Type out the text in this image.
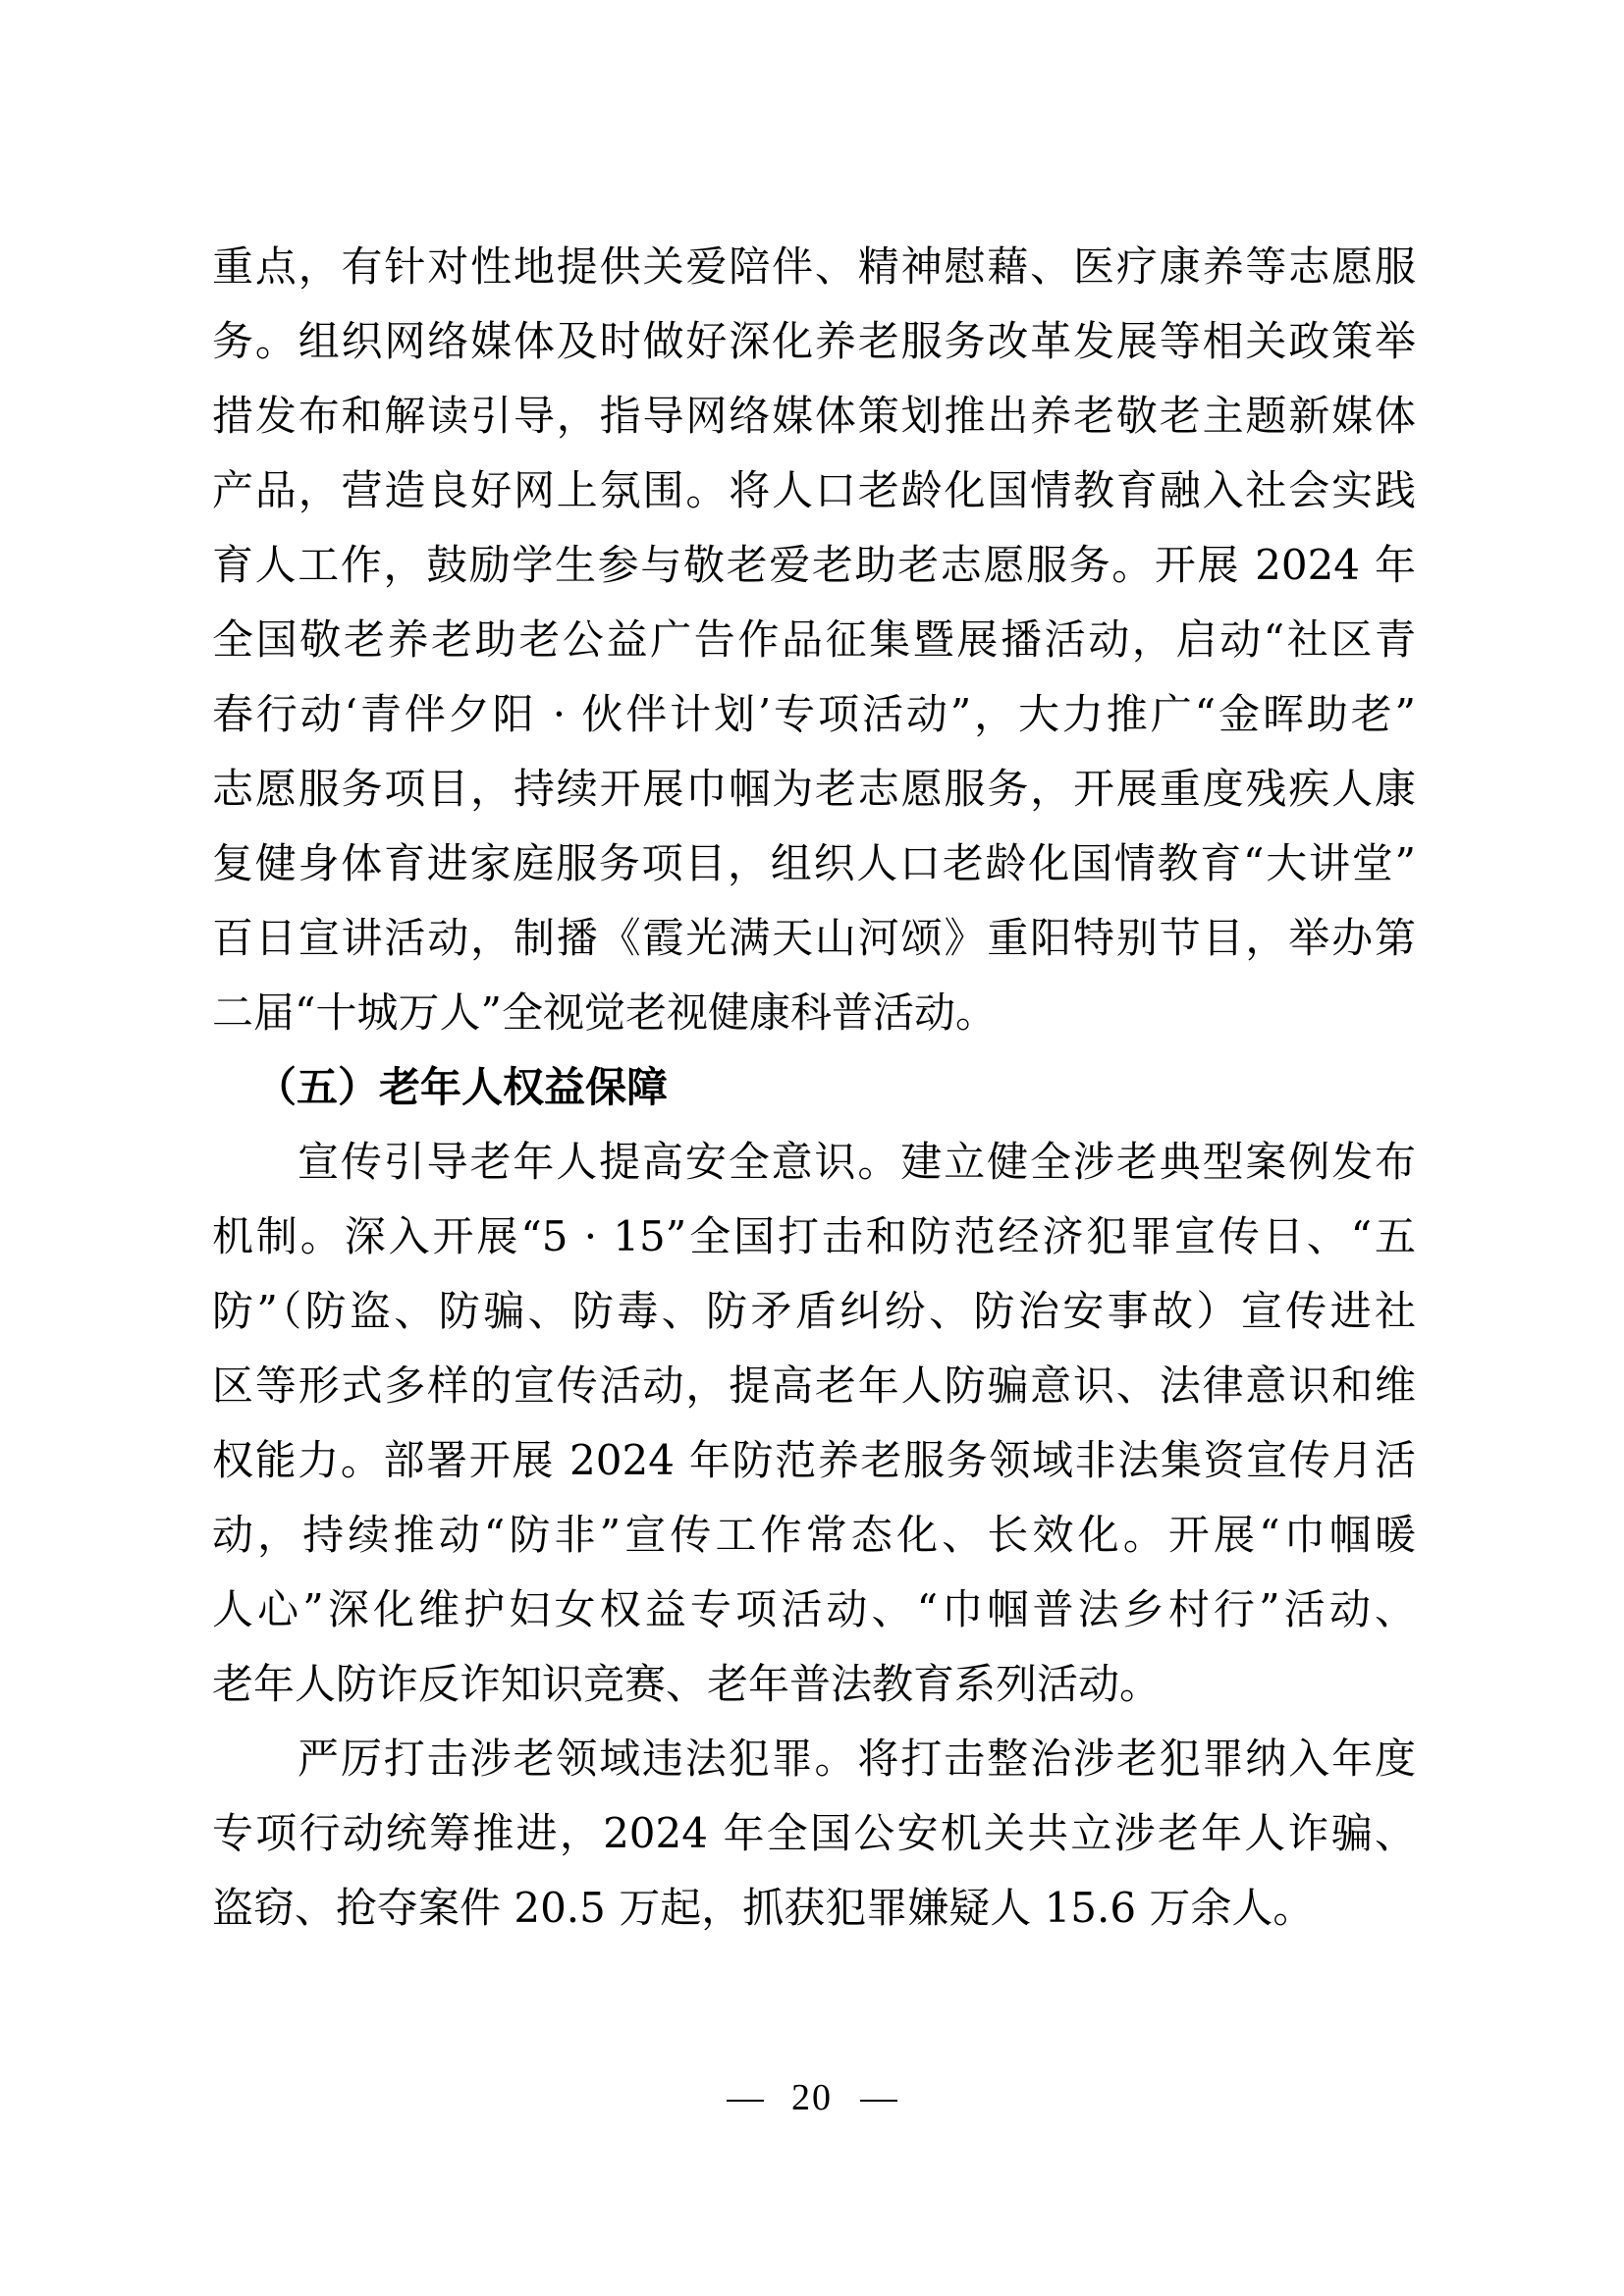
重点，有针对性地提供关爱陪伴、精神慰藉、医疗康养等志愿服
务。组织网络媒体及时做好深化养老服务改革发展等相关政策举
措发布和解读引导，指导网络媒体策划推出养老敬老主题新媒体
产品，营造良好网上氛围。将人口老龄化国情教育融入社会实践
育人工作，鼓励学生参与敬老爱老助老志愿服务。开展 2024 年
全国敬老养老助老公益广告作品征集暨展播活动，启动“社区青
春行动‘青伴夕阳 · 伙伴计划’专项活动”，大力推广“金晖助老”
志愿服务项目，持续开展巾帼为老志愿服务，开展重度残疾人康
复健身体育进家庭服务项目，组织人口老龄化国情教育“大讲堂”
百日宣讲活动，制播《霞光满天山河颂》重阳特别节目，举办第
二届“十城万人”全视觉老视健康科普活动。
（五）老年人权益保障
宣传引导老年人提高安全意识。建立健全涉老典型案例发布
机制。深入开展“5 · 15”全国打击和防范经济犯罪宣传日、“五
防”（防盗、防骗、防毒、防矛盾纠纷、防治安事故）宣传进社
区等形式多样的宣传活动，提高老年人防骗意识、法律意识和维
权能力。部署开展 2024 年防范养老服务领域非法集资宣传月活
动，持续推动“防非”宣传工作常态化、长效化。开展“巾帼暖
人心”深化维护妇女权益专项活动、“巾帼普法乡村行”活动、
老年人防诈反诈知识竞赛、老年普法教育系列活动。
严厉打击涉老领域违法犯罪。将打击整治涉老犯罪纳入年度
专项行动统筹推进，2024 年全国公安机关共立涉老年人诈骗、
盗窃、抢夺案件 20.5 万起，抓获犯罪嫌疑人 15.6 万余人。
20
